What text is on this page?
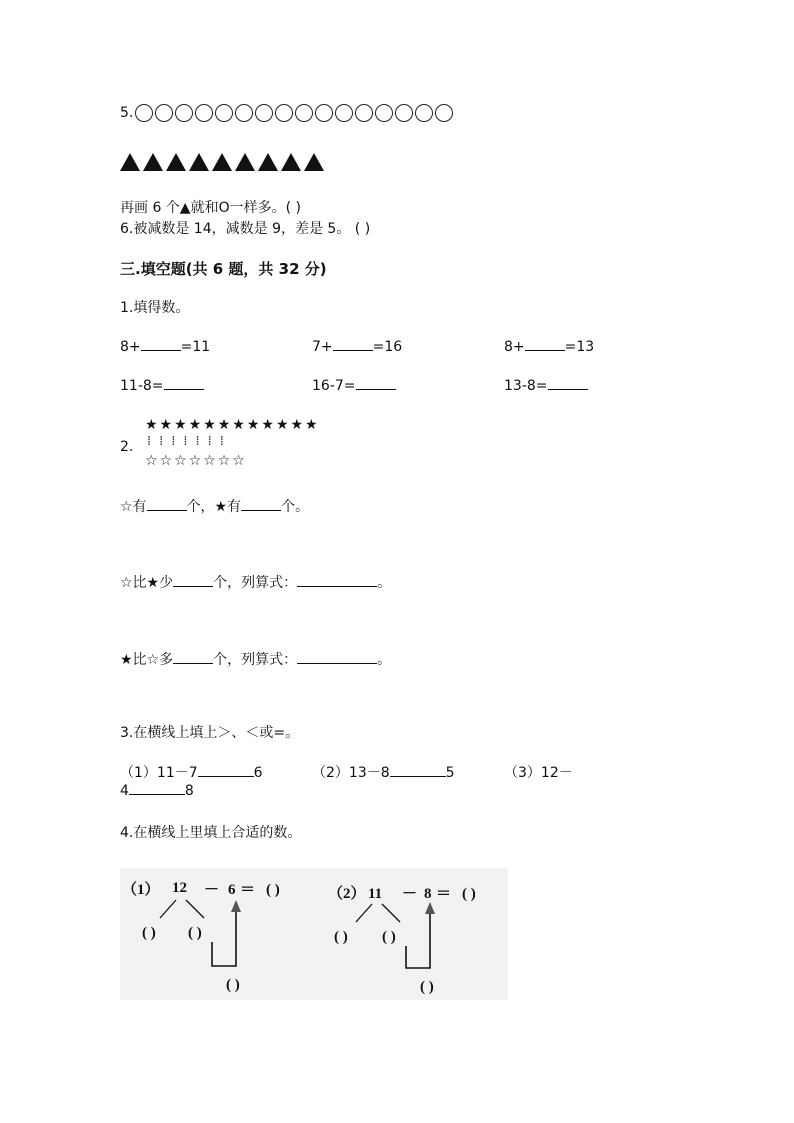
5.
再画 6 个▲就和O一样多。( )
6.被减数是 14，减数是 9，差是 5。 ( )
三.填空题(共 6 题，共 32 分)
1.填得数。
8+	=11	7+	=16	8+	=13
11-8=	16-7=	13-8=
★★★★★★★★★★★★
2. ⁞⁞⁞⁞⁞⁞⁞
☆☆☆☆☆☆☆
☆有	个，★有	个。
☆比★少	个，列算式：	。
★比☆多	个，列算式：	。
3.在横线上填上＞、＜或=。
（1）11－7	6	（2）13－8	5	（3）12－
4	8
4.在横线上里填上合适的数。
（1） 12 － 6 ＝ ( )
( ) ( )
( )
（2） 11 － 8 ＝ ( )
( ) ( )
( )
